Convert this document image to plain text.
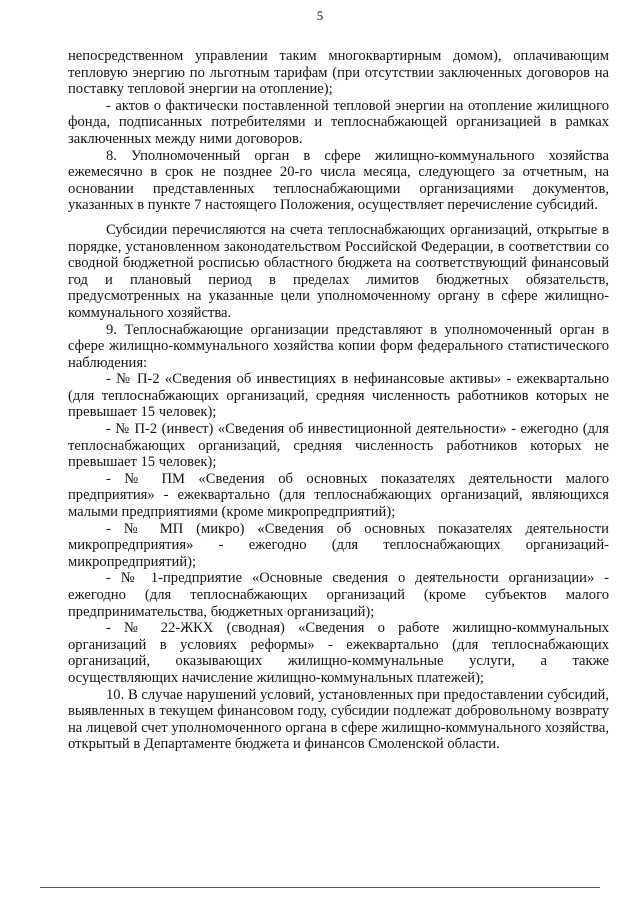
5

непосредственном управлении таким многоквартирным домом), оплачивающим тепловую энергию по льготным тарифам (при отсутствии заключенных договоров на поставку тепловой энергии на отопление);

- актов о фактически поставленной тепловой энергии на отопление жилищного фонда, подписанных потребителями и теплоснабжающей организацией в рамках заключенных между ними договоров.

8. Уполномоченный орган в сфере жилищно-коммунального хозяйства ежемесячно в срок не позднее 20-го числа месяца, следующего за отчетным, на основании представленных теплоснабжающими организациями документов, указанных в пункте 7 настоящего Положения, осуществляет перечисление субсидий.

Субсидии перечисляются на счета теплоснабжающих организаций, открытые в порядке, установленном законодательством Российской Федерации, в соответствии со сводной бюджетной росписью областного бюджета на соответствующий финансовый год и плановый период в пределах лимитов бюджетных обязательств, предусмотренных на указанные цели уполномоченному органу в сфере жилищно-коммунального хозяйства.

9. Теплоснабжающие организации представляют в уполномоченный орган в сфере жилищно-коммунального хозяйства копии форм федерального статистического наблюдения:

- № П-2 «Сведения об инвестициях в нефинансовые активы» - ежеквартально (для теплоснабжающих организаций, средняя численность работников которых не превышает 15 человек);

- № П-2 (инвест) «Сведения об инвестиционной деятельности» - ежегодно (для теплоснабжающих организаций, средняя численность работников которых не превышает 15 человек);

- № ПМ «Сведения об основных показателях деятельности малого предприятия» - ежеквартально (для теплоснабжающих организаций, являющихся малыми предприятиями (кроме микропредприятий);

- № МП (микро) «Сведения об основных показателях деятельности микропредприятия» - ежегодно (для теплоснабжающих организаций-микропредприятий);

- № 1-предприятие «Основные сведения о деятельности организации» - ежегодно (для теплоснабжающих организаций (кроме субъектов малого предпринимательства, бюджетных организаций);

- № 22-ЖКХ (сводная) «Сведения о работе жилищно-коммунальных организаций в условиях реформы» - ежеквартально (для теплоснабжающих организаций, оказывающих жилищно-коммунальные услуги, а также осуществляющих начисление жилищно-коммунальных платежей);

10. В случае нарушений условий, установленных при предоставлении субсидий, выявленных в текущем финансовом году, субсидии подлежат добровольному возврату на лицевой счет уполномоченного органа в сфере жилищно-коммунального хозяйства, открытый в Департаменте бюджета и финансов Смоленской области.
